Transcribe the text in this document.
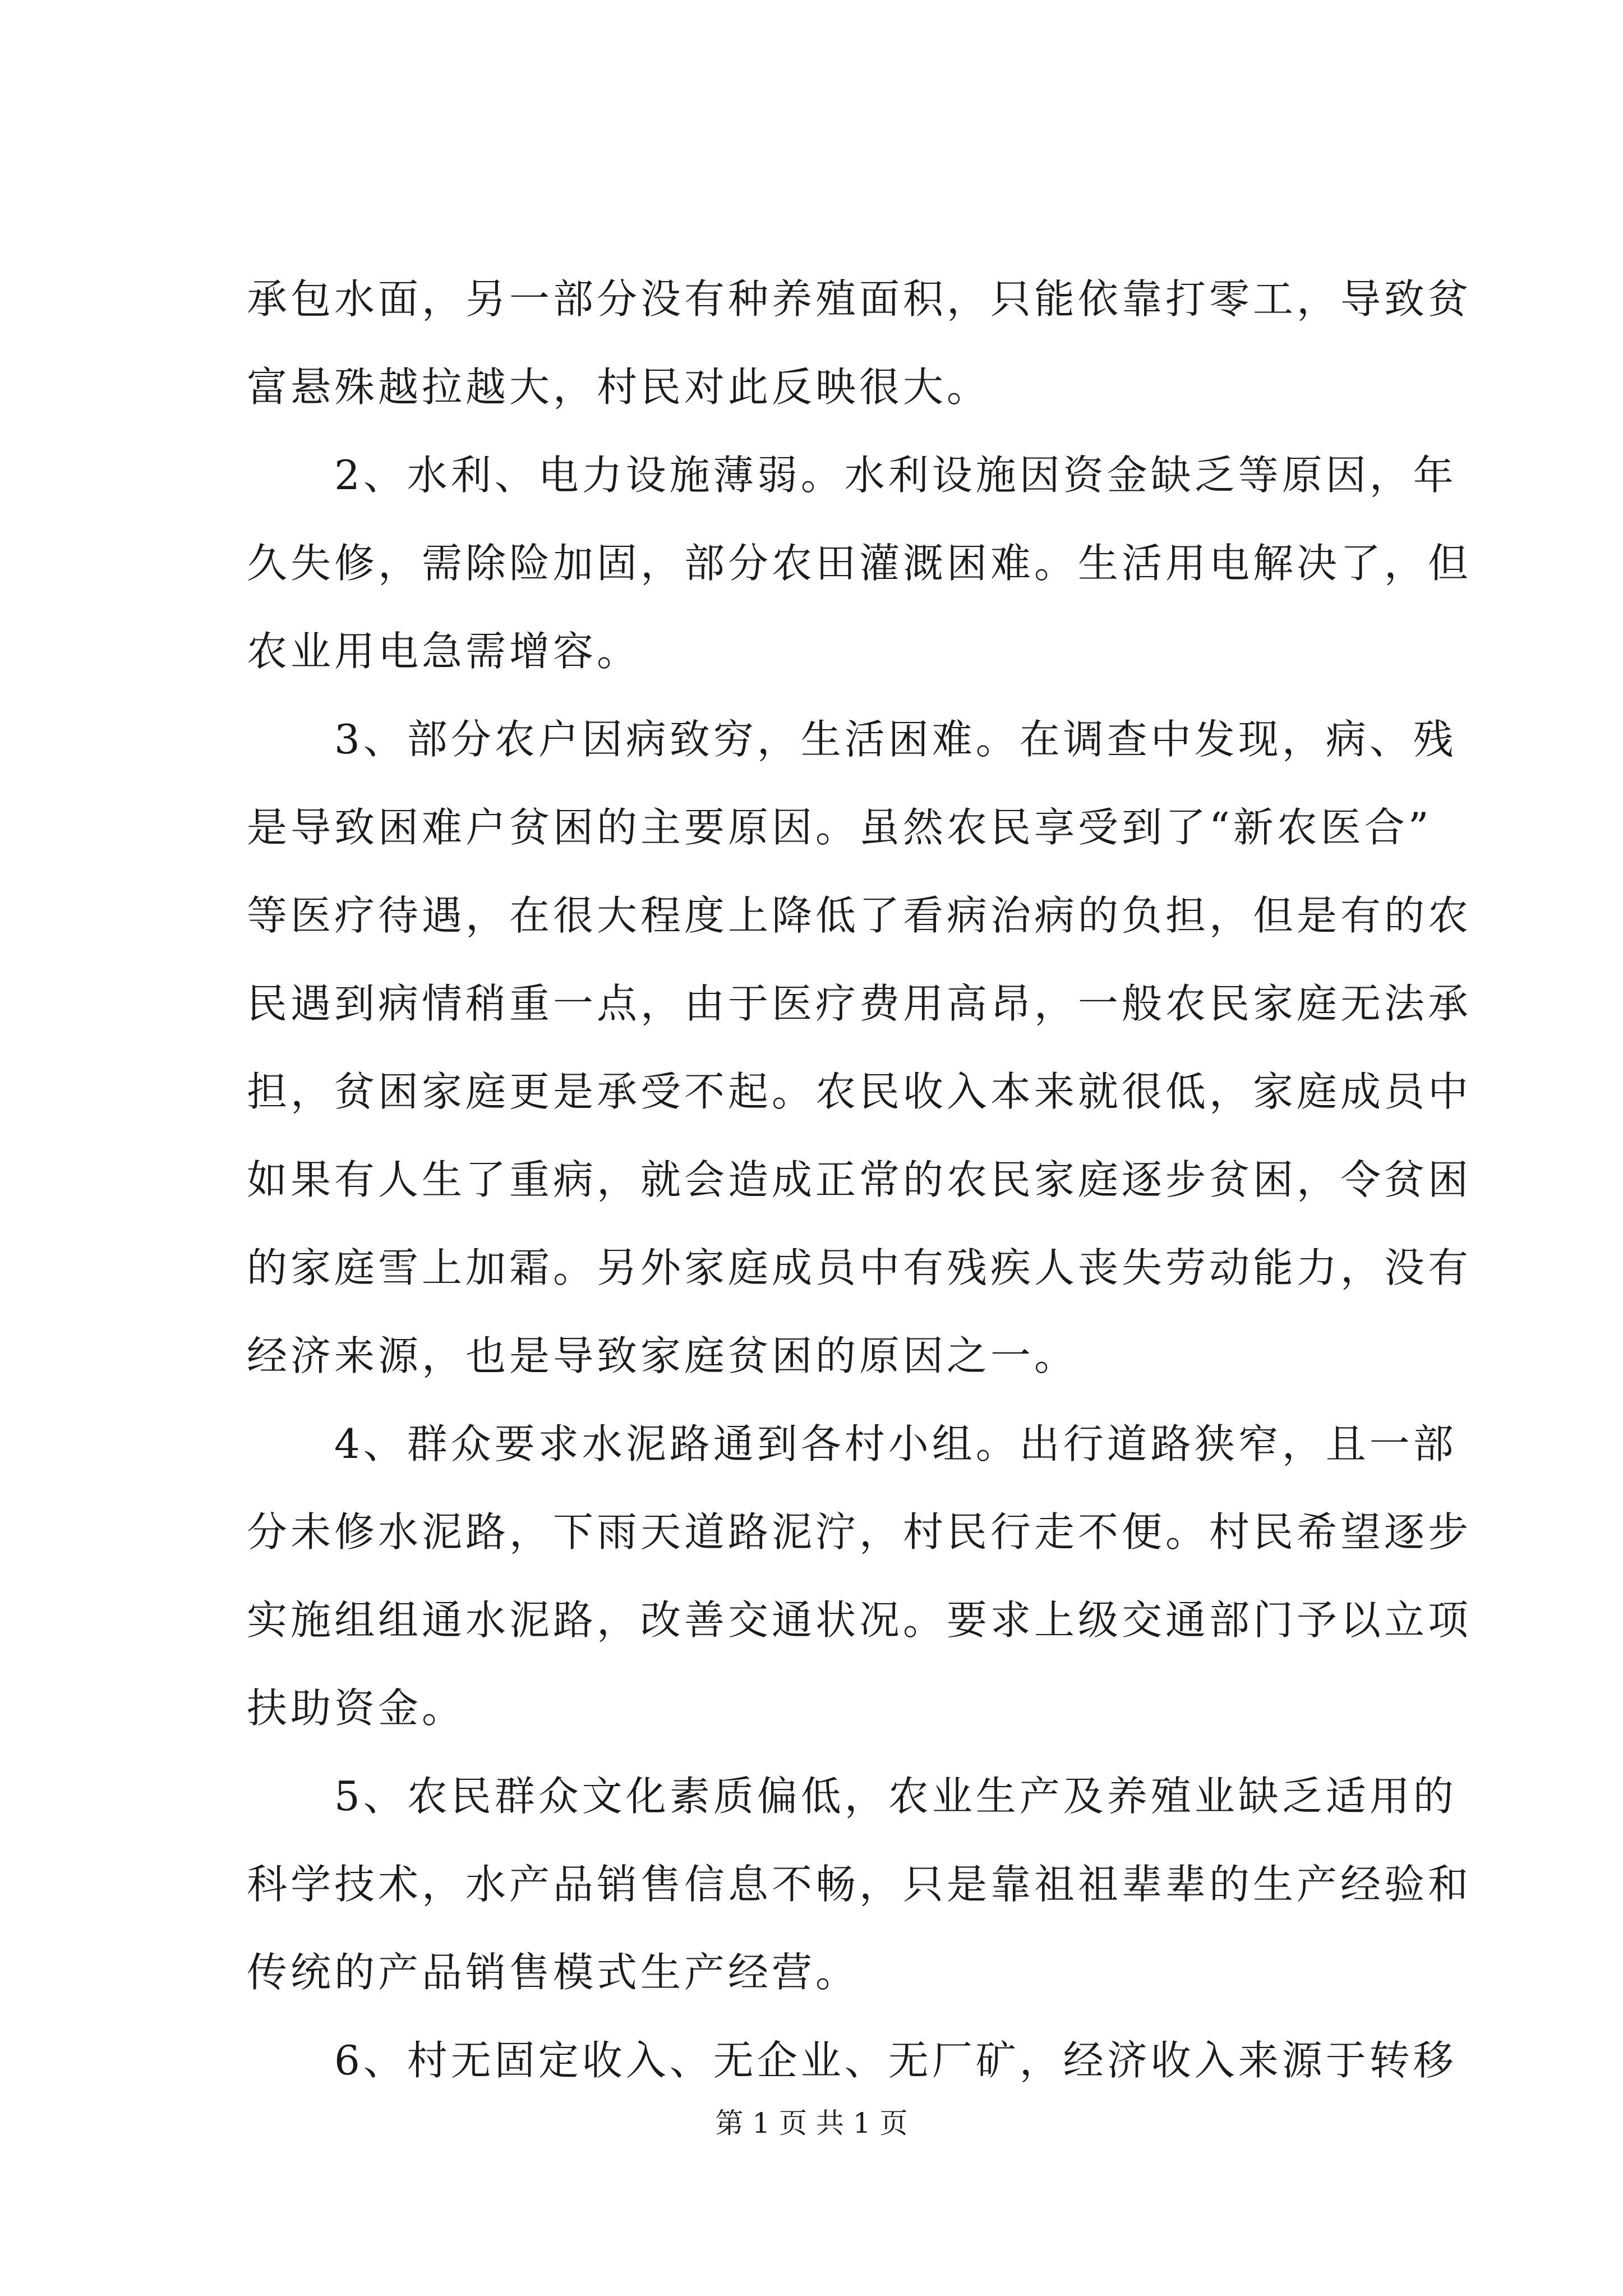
承包水面，另一部分没有种养殖面积，只能依靠打零工，导致贫
富悬殊越拉越大，村民对此反映很大。
2、水利、电力设施薄弱。水利设施因资金缺乏等原因，年
久失修，需除险加固，部分农田灌溉困难。生活用电解决了，但
农业用电急需增容。
3、部分农户因病致穷，生活困难。在调查中发现，病、残
是导致困难户贫困的主要原因。虽然农民享受到了“新农医合”
等医疗待遇，在很大程度上降低了看病治病的负担，但是有的农
民遇到病情稍重一点，由于医疗费用高昂，一般农民家庭无法承
担，贫困家庭更是承受不起。农民收入本来就很低，家庭成员中
如果有人生了重病，就会造成正常的农民家庭逐步贫困，令贫困
的家庭雪上加霜。另外家庭成员中有残疾人丧失劳动能力，没有
经济来源，也是导致家庭贫困的原因之一。
4、群众要求水泥路通到各村小组。出行道路狭窄，且一部
分未修水泥路，下雨天道路泥泞，村民行走不便。村民希望逐步
实施组组通水泥路，改善交通状况。要求上级交通部门予以立项
扶助资金。
5、农民群众文化素质偏低，农业生产及养殖业缺乏适用的
科学技术，水产品销售信息不畅，只是靠祖祖辈辈的生产经验和
传统的产品销售模式生产经营。
6、村无固定收入、无企业、无厂矿，经济收入来源于转移
第 1 页 共 1 页
